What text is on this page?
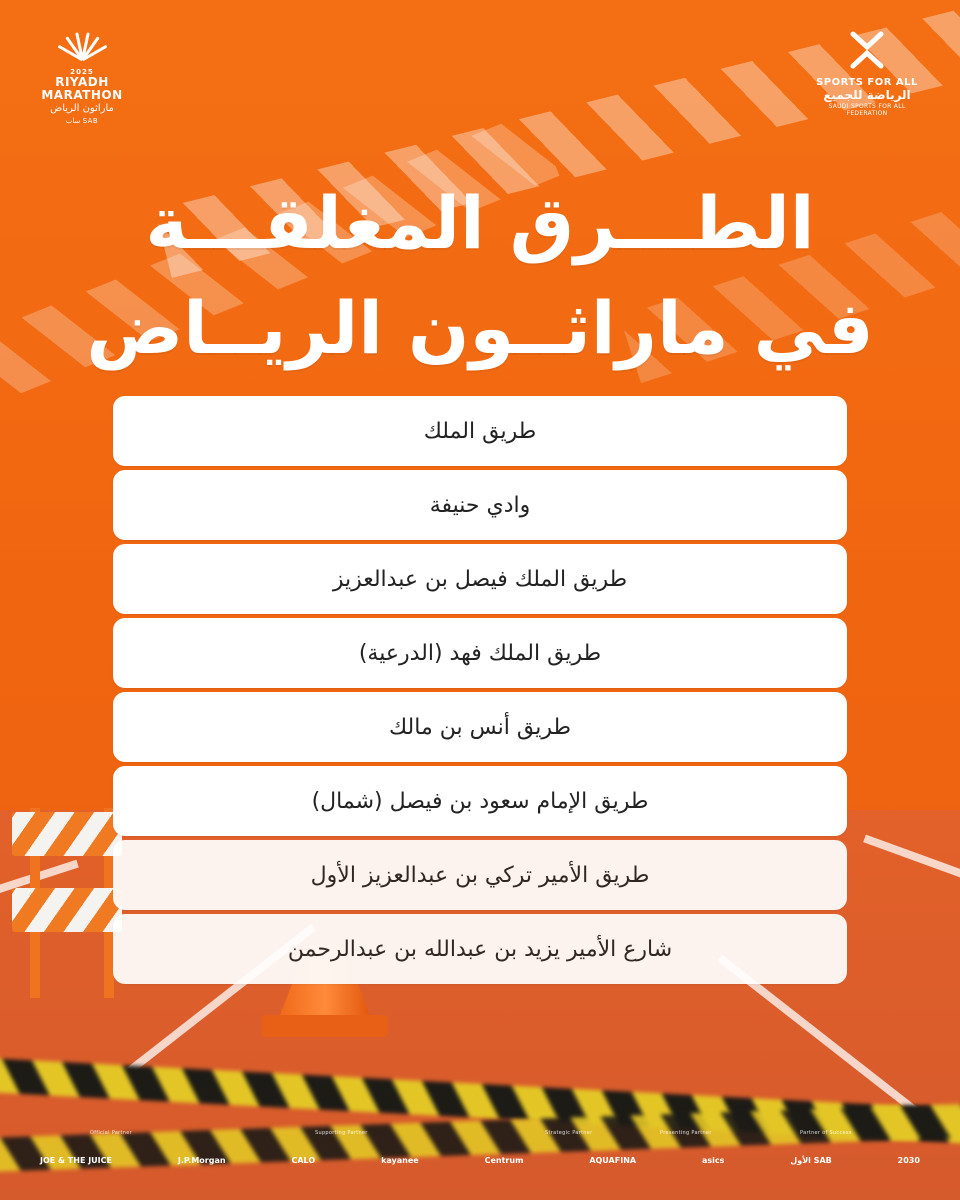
2025
RIYADH
MARATHON
ماراثون الرياض
ساب SAB
SPORTS FOR ALL
الرياضة للجميع
SAUDI SPORTS FOR ALL FEDERATION
الطـــرق المغلقـــة
في ماراثــون الريــاض
طريق الملك
وادي حنيفة
طريق الملك فيصل بن عبدالعزيز
طريق الملك فهد (الدرعية)
طريق أنس بن مالك
طريق الإمام سعود بن فيصل (شمال)
طريق الأمير تركي بن عبدالعزيز الأول
شارع الأمير يزيد بن عبدالله بن عبدالرحمن
Official Partner	Supporting Partner	Strategic Partner	Presenting Partner	Partner of Success
JOE & THE JUICE	J.P.Morgan	CALO	kayanee	Centrum	AQUAFINA	asics	الأول SAB	2030
